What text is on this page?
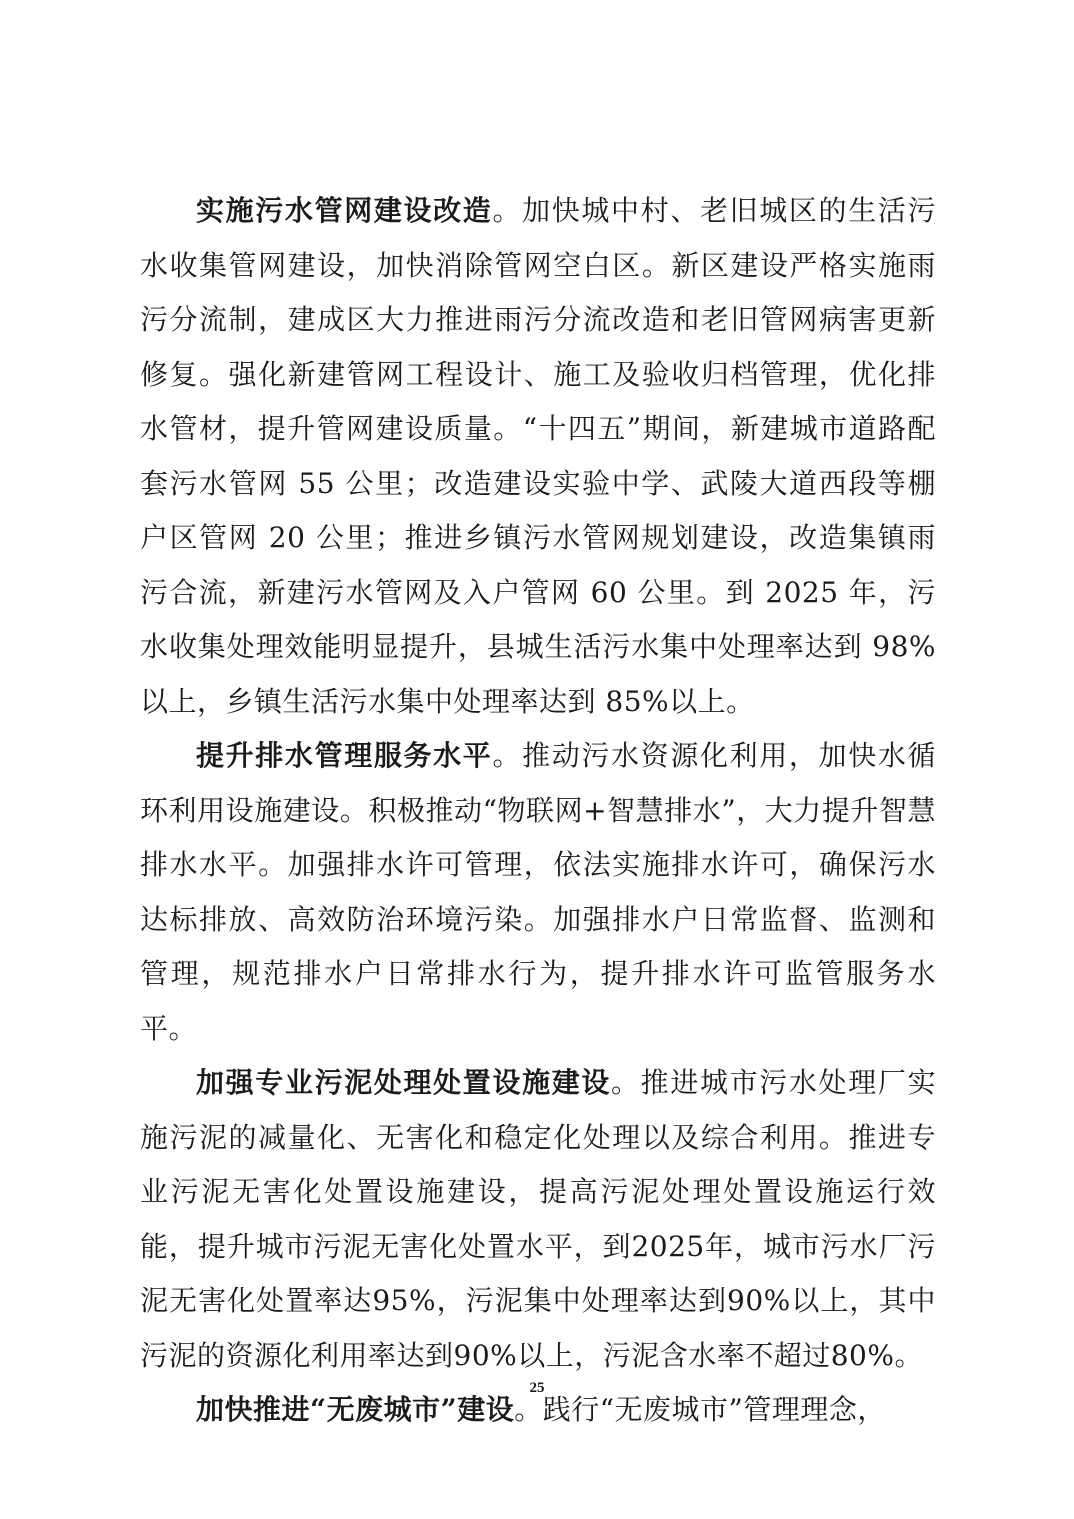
实施污水管网建设改造。加快城中村、老旧城区的生活污水收集管网建设，加快消除管网空白区。新区建设严格实施雨污分流制，建成区大力推进雨污分流改造和老旧管网病害更新修复。强化新建管网工程设计、施工及验收归档管理，优化排水管材，提升管网建设质量。“十四五”期间，新建城市道路配套污水管网 55 公里；改造建设实验中学、武陵大道西段等棚户区管网 20 公里；推进乡镇污水管网规划建设，改造集镇雨污合流，新建污水管网及入户管网 60 公里。到 2025 年，污水收集处理效能明显提升，县城生活污水集中处理率达到 98%以上，乡镇生活污水集中处理率达到 85%以上。

提升排水管理服务水平。推动污水资源化利用，加快水循环利用设施建设。积极推动“物联网+智慧排水”，大力提升智慧排水水平。加强排水许可管理，依法实施排水许可，确保污水达标排放、高效防治环境污染。加强排水户日常监督、监测和管理，规范排水户日常排水行为，提升排水许可监管服务水平。

加强专业污泥处理处置设施建设。推进城市污水处理厂实施污泥的减量化、无害化和稳定化处理以及综合利用。推进专业污泥无害化处置设施建设，提高污泥处理处置设施运行效能，提升城市污泥无害化处置水平，到2025年，城市污水厂污泥无害化处置率达95%，污泥集中处理率达到90%以上，其中污泥的资源化利用率达到90%以上，污泥含水率不超过80%。

加快推进“无废城市”建设。践行“无废城市”管理理念，

25
